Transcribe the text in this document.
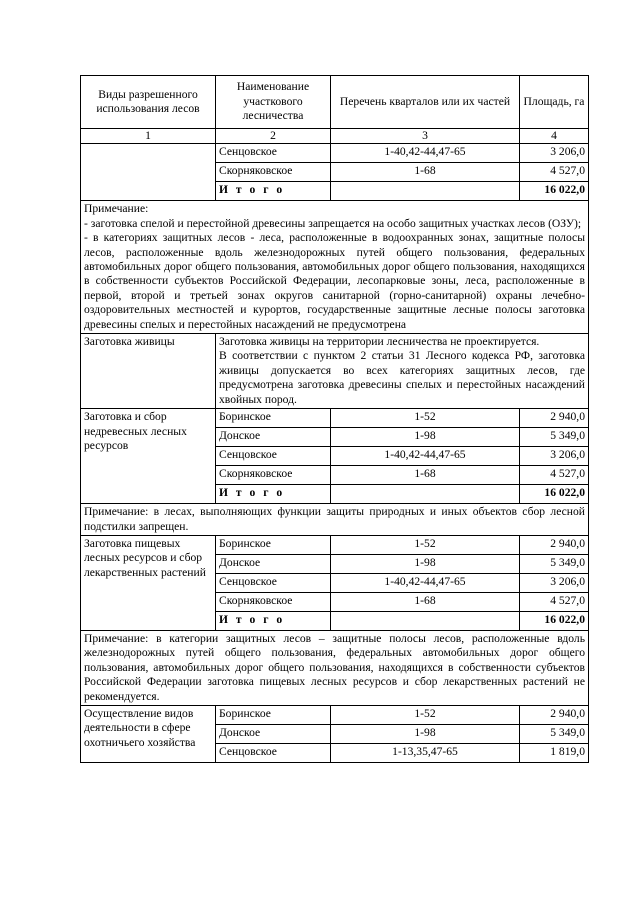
Виды разрешенного использования лесов	Наименование участкового лесничества	Перечень кварталов или их частей	Площадь, га
1	2	3	4
	Сенцовское	1-40,42-44,47-65	3 206,0
	Скорняковское	1-68	4 527,0
	И т о г о		16 022,0

Примечание:
- заготовка спелой и перестойной древесины запрещается на особо защитных участках лесов (ОЗУ);
- в категориях защитных лесов - леса, расположенные в водоохранных зонах, защитные полосы лесов, расположенные вдоль железнодорожных путей общего пользования, федеральных автомобильных дорог общего пользования, автомобильных дорог общего пользования, находящихся в собственности субъектов Российской Федерации, лесопарковые зоны, леса, расположенные в первой, второй и третьей зонах округов санитарной (горно-санитарной) охраны лечебно-оздоровительных местностей и курортов, государственные защитные лесные полосы заготовка древесины спелых и перестойных насаждений не предусмотрена			

Заготовка живицы	Заготовка живицы на территории лесничества не проектируется.
В соответствии с пунктом 2 статьи 31 Лесного кодекса РФ, заготовка живицы допускается во всех категориях защитных лесов, где предусмотрена заготовка древесины спелых и перестойных насаждений хвойных пород.		

Заготовка и сбор недревесных лесных ресурсов	Боринское	1-52	2 940,0
	Донское	1-98	5 349,0
	Сенцовское	1-40,42-44,47-65	3 206,0
	Скорняковское	1-68	4 527,0
	И т о г о		16 022,0
Примечание: в лесах, выполняющих функции защиты природных и иных объектов сбор лесной подстилки запрещен.			
Заготовка пищевых лесных ресурсов и сбор лекарственных растений	Боринское	1-52	2 940,0
	Донское	1-98	5 349,0
	Сенцовское	1-40,42-44,47-65	3 206,0
	Скорняковское	1-68	4 527,0
	И т о г о		16 022,0
Примечание: в категории защитных лесов – защитные полосы лесов, расположенные вдоль железнодорожных путей общего пользования, федеральных автомобильных дорог общего пользования, автомобильных дорог общего пользования, находящихся в собственности субъектов Российской Федерации заготовка пищевых лесных ресурсов и сбор лекарственных растений не рекомендуется.			
Осуществление видов деятельности в сфере охотничьего хозяйства	Боринское	1-52	2 940,0
	Донское	1-98	5 349,0
	Сенцовское	1-13,35,47-65	1 819,0
